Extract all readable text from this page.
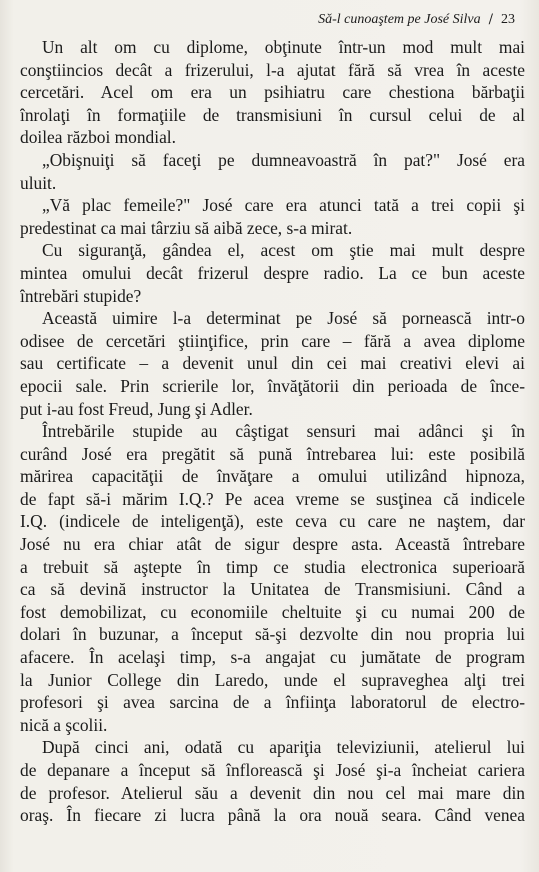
Să-l cunoaştem pe José Silva / 23
Un alt om cu diplome, obţinute într-un mod mult mai
conştiincios decât a frizerului, l-a ajutat fără să vrea în aceste
cercetări. Acel om era un psihiatru care chestiona bărbaţii
înrolaţi în formaţiile de transmisiuni în cursul celui de al
doilea război mondial.
„Obişnuiţi să faceţi pe dumneavoastră în pat?" José era
uluit.
„Vă plac femeile?" José care era atunci tată a trei copii şi
predestinat ca mai târziu să aibă zece, s-a mirat.
Cu siguranţă, gândea el, acest om ştie mai mult despre
mintea omului decât frizerul despre radio. La ce bun aceste
întrebări stupide?
Această uimire l-a determinat pe José să pornească intr-o
odisee de cercetări ştiinţifice, prin care – fără a avea diplome
sau certificate – a devenit unul din cei mai creativi elevi ai
epocii sale. Prin scrierile lor, învăţătorii din perioada de înce-
put i-au fost Freud, Jung şi Adler.
Întrebările stupide au câştigat sensuri mai adânci şi în
curând José era pregătit să pună întrebarea lui: este posibilă
mărirea capacităţii de învăţare a omului utilizând hipnoza,
de fapt să-i mărim I.Q.? Pe acea vreme se susţinea că indicele
I.Q. (indicele de inteligenţă), este ceva cu care ne naştem, dar
José nu era chiar atât de sigur despre asta. Această întrebare
a trebuit să aştepte în timp ce studia electronica superioară
ca să devină instructor la Unitatea de Transmisiuni. Când a
fost demobilizat, cu economiile cheltuite şi cu numai 200 de
dolari în buzunar, a început să-şi dezvolte din nou propria lui
afacere. În acelaşi timp, s-a angajat cu jumătate de program
la Junior College din Laredo, unde el supraveghea alţi trei
profesori şi avea sarcina de a înfiinţa laboratorul de electro-
nică a şcolii.
După cinci ani, odată cu apariţia televiziunii, atelierul lui
de depanare a început să înflorească şi José şi-a încheiat cariera
de profesor. Atelierul său a devenit din nou cel mai mare din
oraş. În fiecare zi lucra până la ora nouă seara. Când venea
